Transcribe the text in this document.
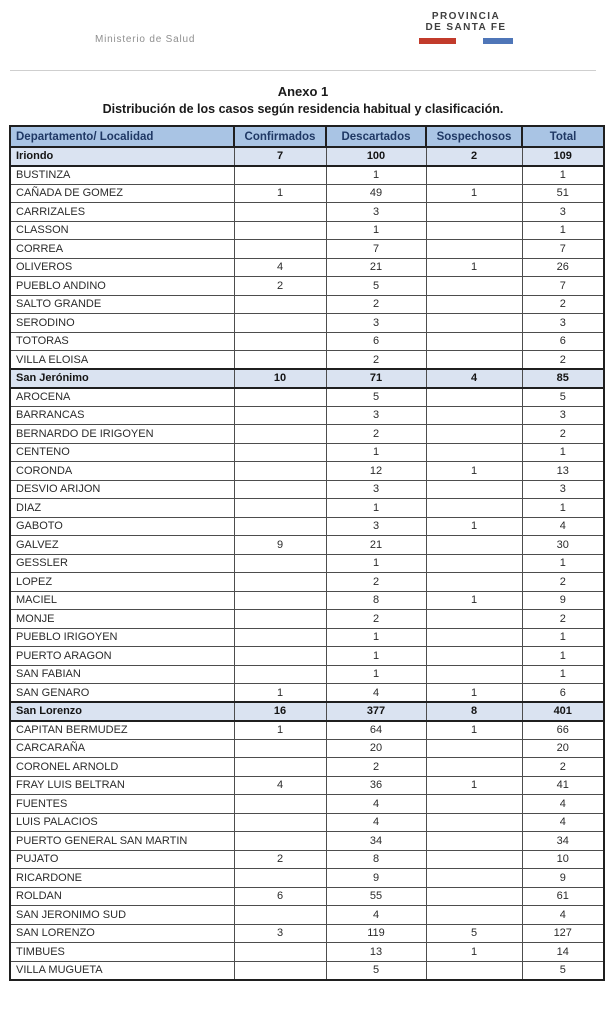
Ministerio de Salud
PROVINCIA
DE SANTA FE
Anexo 1
Distribución de los casos según residencia habitual y clasificación.
Departamento/ Localidad	Confirmados	Descartados	Sospechosos	Total
Iriondo	7	100	2	109
BUSTINZA		1		1
CAÑADA DE GOMEZ	1	49	1	51
CARRIZALES		3		3
CLASSON		1		1
CORREA		7		7
OLIVEROS	4	21	1	26
PUEBLO ANDINO	2	5		7
SALTO GRANDE		2		2
SERODINO		3		3
TOTORAS		6		6
VILLA ELOISA		2		2
San Jerónimo	10	71	4	85
AROCENA		5		5
BARRANCAS		3		3
BERNARDO DE IRIGOYEN		2		2
CENTENO		1		1
CORONDA		12	1	13
DESVIO ARIJON		3		3
DIAZ		1		1
GABOTO		3	1	4
GALVEZ	9	21		30
GESSLER		1		1
LOPEZ		2		2
MACIEL		8	1	9
MONJE		2		2
PUEBLO IRIGOYEN		1		1
PUERTO ARAGON		1		1
SAN FABIAN		1		1
SAN GENARO	1	4	1	6
San Lorenzo	16	377	8	401
CAPITAN BERMUDEZ	1	64	1	66
CARCARAÑA		20		20
CORONEL ARNOLD		2		2
FRAY LUIS BELTRAN	4	36	1	41
FUENTES		4		4
LUIS PALACIOS		4		4
PUERTO GENERAL SAN MARTIN		34		34
PUJATO	2	8		10
RICARDONE		9		9
ROLDAN	6	55		61
SAN JERONIMO SUD		4		4
SAN LORENZO	3	119	5	127
TIMBUES		13	1	14
VILLA MUGUETA		5		5
